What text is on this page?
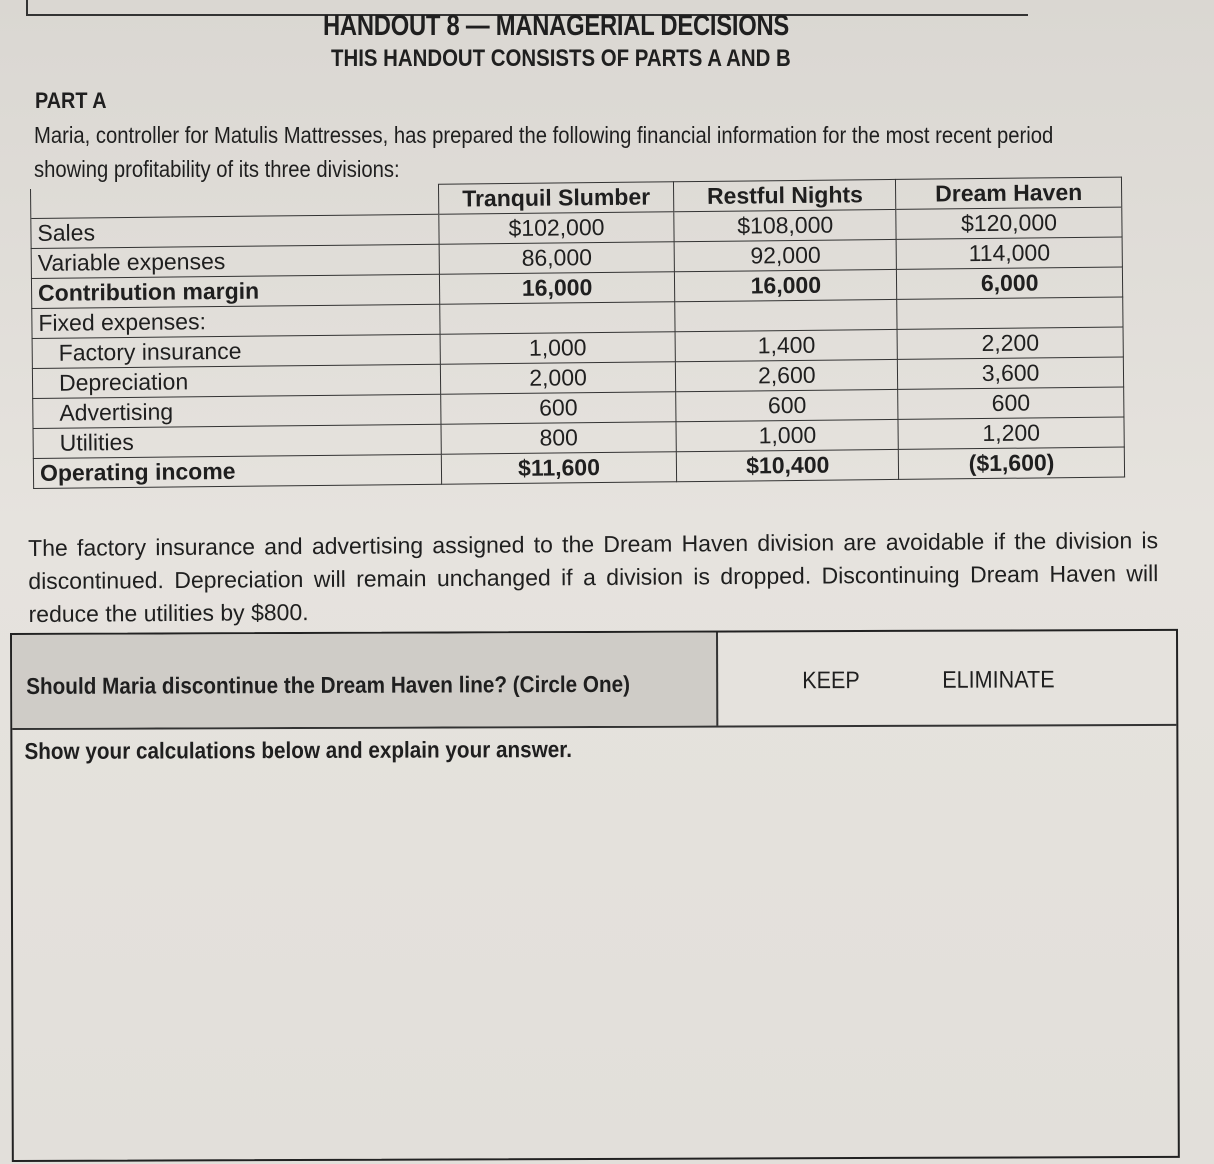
HANDOUT 8 — MANAGERIAL DECISIONS
THIS HANDOUT CONSISTS OF PARTS A AND B
PART A
Maria, controller for Matulis Mattresses, has prepared the following financial information for the most recent period
showing profitability of its three divisions:
	Tranquil Slumber	Restful Nights	Dream Haven
Sales	$102,000	$108,000	$120,000
Variable expenses	86,000	92,000	114,000
Contribution margin	16,000	16,000	6,000
Fixed expenses:			
Factory insurance	1,000	1,400	2,200
Depreciation	2,000	2,600	3,600
Advertising	600	600	600
Utilities	800	1,000	1,200
Operating income	$11,600	$10,400	($1,600)
The factory insurance and advertising assigned to the Dream Haven division are avoidable if the division is discontinued. Depreciation will remain unchanged if a division is dropped. Discontinuing Dream Haven will reduce the utilities by $800.
Should Maria discontinue the Dream Haven line? (Circle One)	KEEP	ELIMINATE
Show your calculations below and explain your answer.
